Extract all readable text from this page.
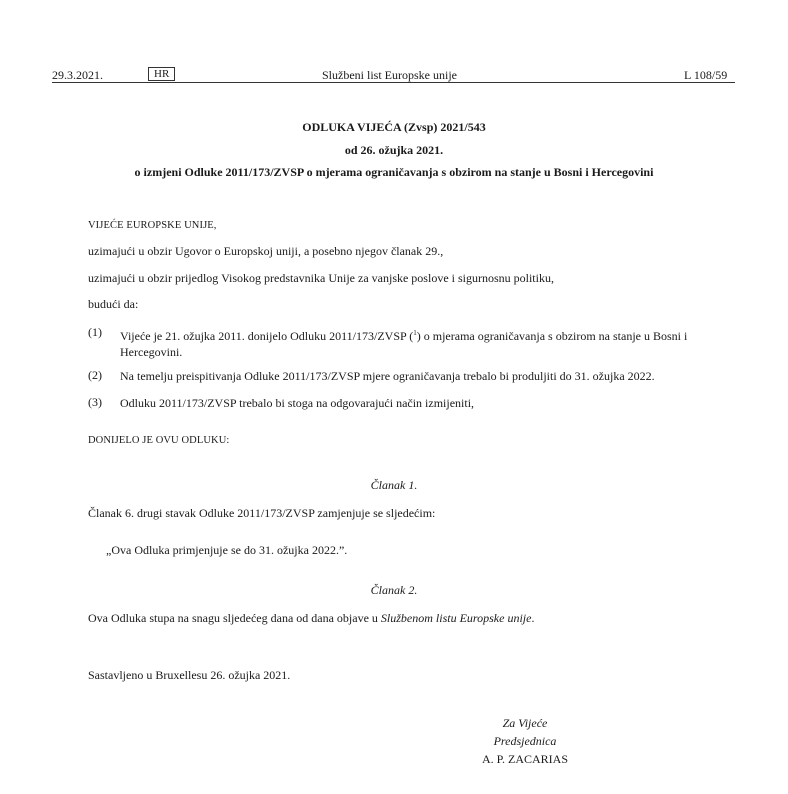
29.3.2021.	HR	Službeni list Europske unije	L 108/59
ODLUKA VIJEĆA (Zvsp) 2021/543
od 26. ožujka 2021.
o izmjeni Odluke 2011/173/ZVSP o mjerama ograničavanja s obzirom na stanje u Bosni i Hercegovini
VIJEĆE EUROPSKE UNIJE,
uzimajući u obzir Ugovor o Europskoj uniji, a posebno njegov članak 29.,
uzimajući u obzir prijedlog Visokog predstavnika Unije za vanjske poslove i sigurnosnu politiku,
budući da:
(1) Vijeće je 21. ožujka 2011. donijelo Odluku 2011/173/ZVSP ($^1$) o mjerama ograničavanja s obzirom na stanje u Bosni i Hercegovini.
(2) Na temelju preispitivanja Odluke 2011/173/ZVSP mjere ograničavanja trebalo bi produljiti do 31. ožujka 2022.
(3) Odluku 2011/173/ZVSP trebalo bi stoga na odgovarajući način izmijeniti,
DONIJELO JE OVU ODLUKU:
Članak 1.
Članak 6. drugi stavak Odluke 2011/173/ZVSP zamjenjuje se sljedećim:
„Ova Odluka primjenjuje se do 31. ožujka 2022.”.
Članak 2.
Ova Odluka stupa na snagu sljedećeg dana od dana objave u Službenom listu Europske unije.
Sastavljeno u Bruxellesu 26. ožujka 2021.
Za Vijeće
Predsjednica
A. P. ZACARIAS
